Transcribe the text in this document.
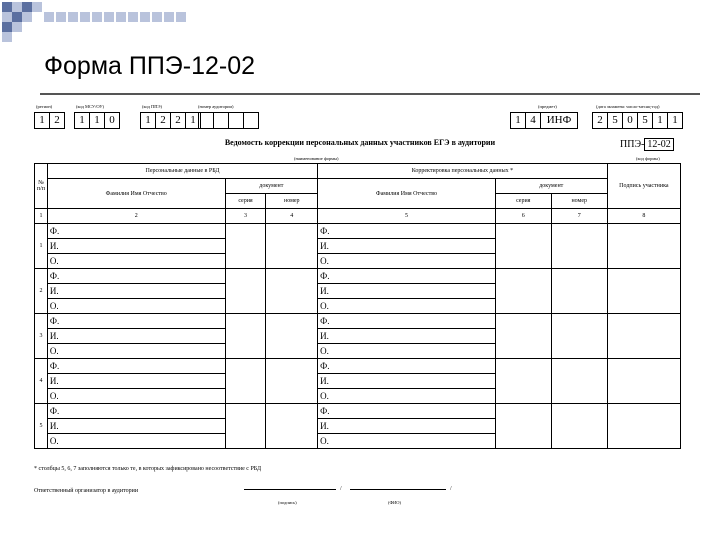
Форма ППЭ-12-02
(регион)	(код МСУ/ОУ)	(код ППЭ)	(номер аудитории)	(предмет)	(дата экзамена: число-месяц-год)
1 2	1 1 0	1 2 2 1	1 4 ИНФ	2 5 0 5 1 1
Ведомость коррекции персональных данных участников ЕГЭ в аудитории
(наименование формы)
ППЭ- 12-02
(код формы)
№ п/п	Персональные данные в РБД			Корректировка персональных данных *			Подпись участника
	Фамилия Имя Отчество	документ		Фамилия Имя Отчество	документ		
		серия	номер		серия	номер	
1	2	3	4	5	6	7	8
1	Ф.			Ф.			
	И.			И.			
	О.			О.			
2	Ф.			Ф.			
	И.			И.			
	О.			О.			
3	Ф.			Ф.			
	И.			И.			
	О.			О.			
4	Ф.			Ф.			
	И.			И.			
	О.			О.			
5	Ф.			Ф.			
	И.			И.			
	О.			О.			
* столбцы 5, 6, 7 заполняются только те, в которых зафиксировано несоответствие с РБД
Ответственный организатор в аудитории	/	/
(подпись)	(ФИО)
